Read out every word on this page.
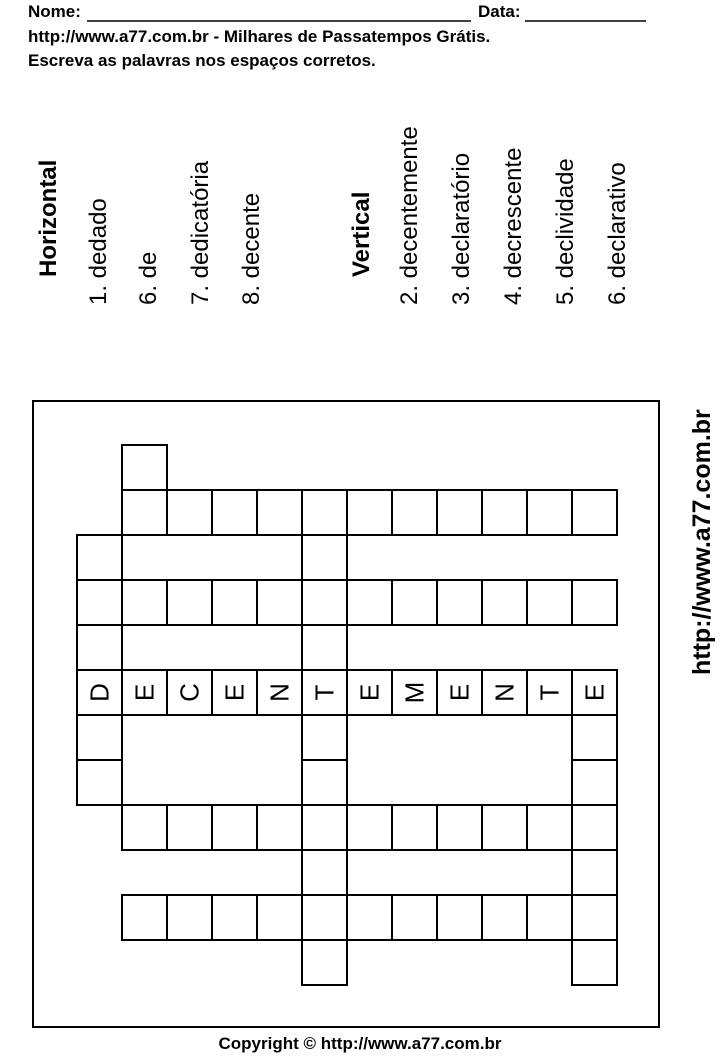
Nome:	Data:
http://www.a77.com.br - Milhares de Passatempos Grátis.
Escreva as palavras nos espaços corretos.
Horizontal 1. dedado 6. de 7. dedicatória 8. decente	Vertical 2. decentemente 3. declaratório 4. decrescente 5. declividade 6. declarativo
http://www.a77.com.br
D E C E N T E M E N T E
Copyright © http://www.a77.com.br
